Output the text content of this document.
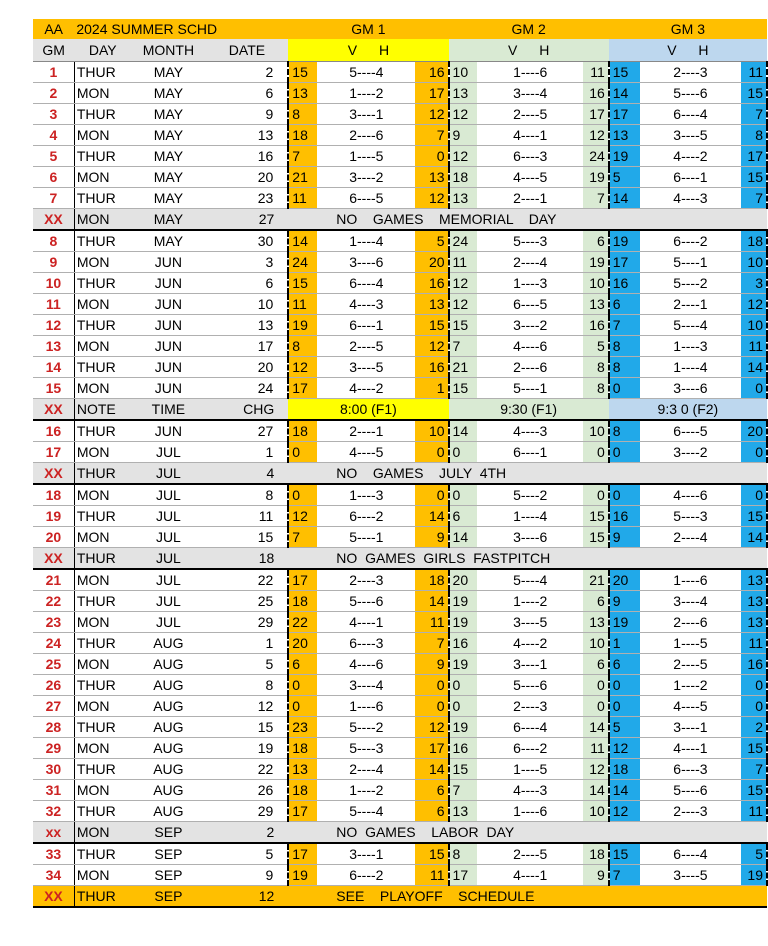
AA	2024 SUMMER SCHD			GM 1			GM 2			GM 3		
GM	DAY	MONTH	DATE	V H			V H			V H		
1	THUR	MAY	2	15	5----4	16	10	1----6	11	15	2----3	11
2	MON	MAY	6	13	1----2	17	13	3----4	16	14	5----6	15
3	THUR	MAY	9	8	3----1	12	12	2----5	17	17	6----4	7
4	MON	MAY	13	18	2----6	7	9	4----1	12	13	3----5	8
5	THUR	MAY	16	7	1----5	0	12	6----3	24	19	4----2	17
6	MON	MAY	20	21	3----2	13	18	4----5	19	5	6----1	15
7	THUR	MAY	23	11	6----5	12	13	2----1	7	14	4----3	7
XX	MON	MAY	27	NO    GAMES    MEMORIAL    DAY								
8	THUR	MAY	30	14	1----4	5	24	5----3	6	19	6----2	18
9	MON	JUN	3	24	3----6	20	11	2----4	19	17	5----1	10
10	THUR	JUN	6	15	6----4	16	12	1----3	10	16	5----2	3
11	MON	JUN	10	11	4----3	13	12	6----5	13	6	2----1	12
12	THUR	JUN	13	19	6----1	15	15	3----2	16	7	5----4	10
13	MON	JUN	17	8	2----5	12	7	4----6	5	8	1----3	11
14	THUR	JUN	20	12	3----5	16	21	2----6	8	8	1----4	14
15	MON	JUN	24	17	4----2	1	15	5----1	8	0	3----6	0
XX	NOTE	TIME	CHG	8:00 (F1)			9:30 (F1)			9:3 0 (F2)		
16	THUR	JUN	27	18	2----1	10	14	4----3	10	8	6----5	20
17	MON	JUL	1	0	4----5	0	0	6----1	0	0	3----2	0
XX	THUR	JUL	4	NO    GAMES    JULY  4TH								
18	MON	JUL	8	0	1----3	0	0	5----2	0	0	4----6	0
19	THUR	JUL	11	12	6----2	14	6	1----4	15	16	5----3	15
20	MON	JUL	15	7	5----1	9	14	3----6	15	9	2----4	14
XX	THUR	JUL	18	NO  GAMES  GIRLS  FASTPITCH								
21	MON	JUL	22	17	2----3	18	20	5----4	21	20	1----6	13
22	THUR	JUL	25	18	5----6	14	19	1----2	6	9	3----4	13
23	MON	JUL	29	22	4----1	11	19	3----5	13	19	2----6	13
24	THUR	AUG	1	20	6----3	7	16	4----2	10	1	1----5	11
25	MON	AUG	5	6	4----6	9	19	3----1	6	6	2----5	16
26	THUR	AUG	8	0	3----4	0	0	5----6	0	0	1----2	0
27	MON	AUG	12	0	1----6	0	0	2----3	0	0	4----5	0
28	THUR	AUG	15	23	5----2	12	19	6----4	14	5	3----1	2
29	MON	AUG	19	18	5----3	17	16	6----2	11	12	4----1	15
30	THUR	AUG	22	13	2----4	14	15	1----5	12	18	6----3	7
31	MON	AUG	26	18	1----2	6	7	4----3	14	14	5----6	15
32	THUR	AUG	29	17	5----4	6	13	1----6	10	12	2----3	11
xx	MON	SEP	2	NO  GAMES    LABOR  DAY								
33	THUR	SEP	5	17	3----1	15	8	2----5	18	15	6----4	5
34	MON	SEP	9	19	6----2	11	17	4----1	9	7	3----5	19
XX	THUR	SEP	12	SEE    PLAYOFF    SCHEDULE								
